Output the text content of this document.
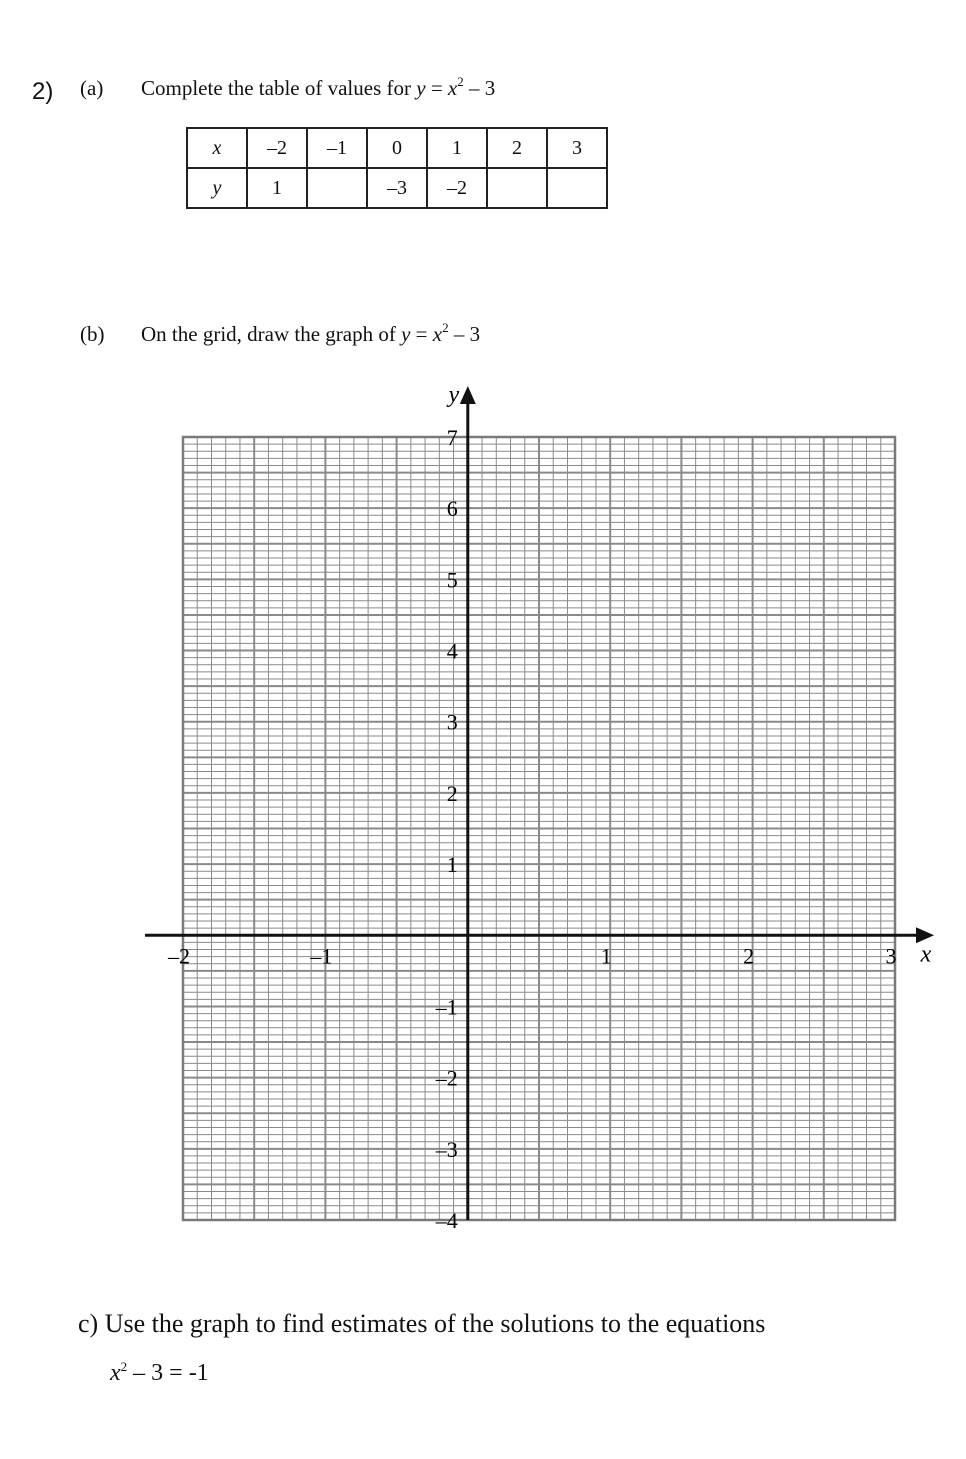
2) (a) Complete the table of values for $y = x^2 - 3$
x	–2	–1	0	1	2	3
y	1		–3	–2		
(b) On the grid, draw the graph of $y = x^2 - 3$
x
y
–2	–1	1	2	3
7
6
5
4
3
2
1
–1
–2
–3
–4
c) Use the graph to find estimates of the solutions to the equations
$x^2 - 3 = -1$
